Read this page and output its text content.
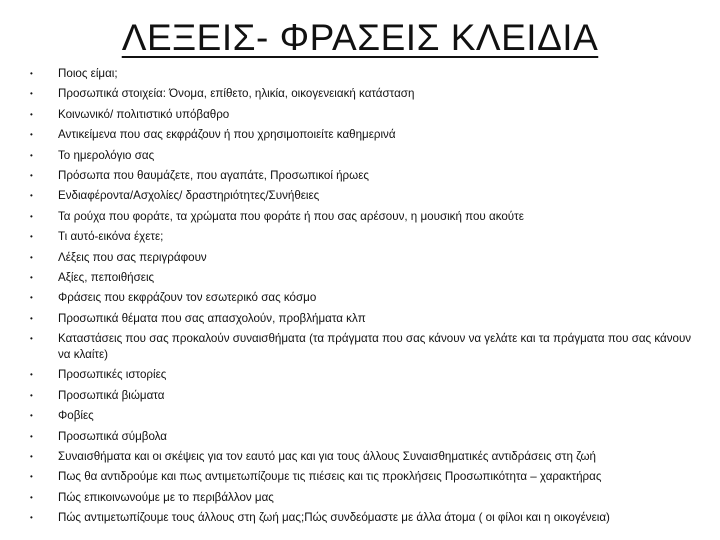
ΛΕΞΕΙΣ- ΦΡΑΣΕΙΣ ΚΛΕΙΔΙΑ
•	Ποιος είμαι;
•	Προσωπικά στοιχεία: Όνομα, επίθετο, ηλικία, οικογενειακή κατάσταση
•	Κοινωνικό/ πολιτιστικό υπόβαθρο
•	Αντικείμενα που σας εκφράζουν ή που χρησιμοποιείτε καθημερινά
•	Το ημερολόγιο σας
•	Πρόσωπα που θαυμάζετε, που αγαπάτε, Προσωπικοί ήρωες
•	Ενδιαφέροντα/Ασχολίες/ δραστηριότητες/Συνήθειες
•	Τα ρούχα που φοράτε, τα χρώματα που φοράτε ή που σας αρέσουν, η μουσική που ακούτε
•	Τι αυτό-εικόνα έχετε;
•	Λέξεις που σας περιγράφουν
•	Αξίες, πεποιθήσεις
•	Φράσεις που εκφράζουν τον εσωτερικό σας κόσμο
•	Προσωπικά θέματα που σας απασχολούν, προβλήματα κλπ
•	Καταστάσεις που σας προκαλούν συναισθήματα (τα πράγματα που σας κάνουν να γελάτε και τα πράγματα που σας κάνουν να κλαίτε)
•	Προσωπικές ιστορίες
•	Προσωπικά βιώματα
•	Φοβίες
•	Προσωπικά σύμβολα
•	Συναισθήματα και οι σκέψεις για τον εαυτό μας και για τους άλλους Συναισθηματικές αντιδράσεις στη ζωή
•	Πως θα αντιδρούμε και πως αντιμετωπίζουμε τις πιέσεις και τις προκλήσεις Προσωπικότητα – χαρακτήρας
•	Πώς επικοινωνούμε με το περιβάλλον μας
•	Πώς αντιμετωπίζουμε τους άλλους στη ζωή μας;Πώς συνδεόμαστε με άλλα άτομα ( οι φίλοι και η οικογένεια)
